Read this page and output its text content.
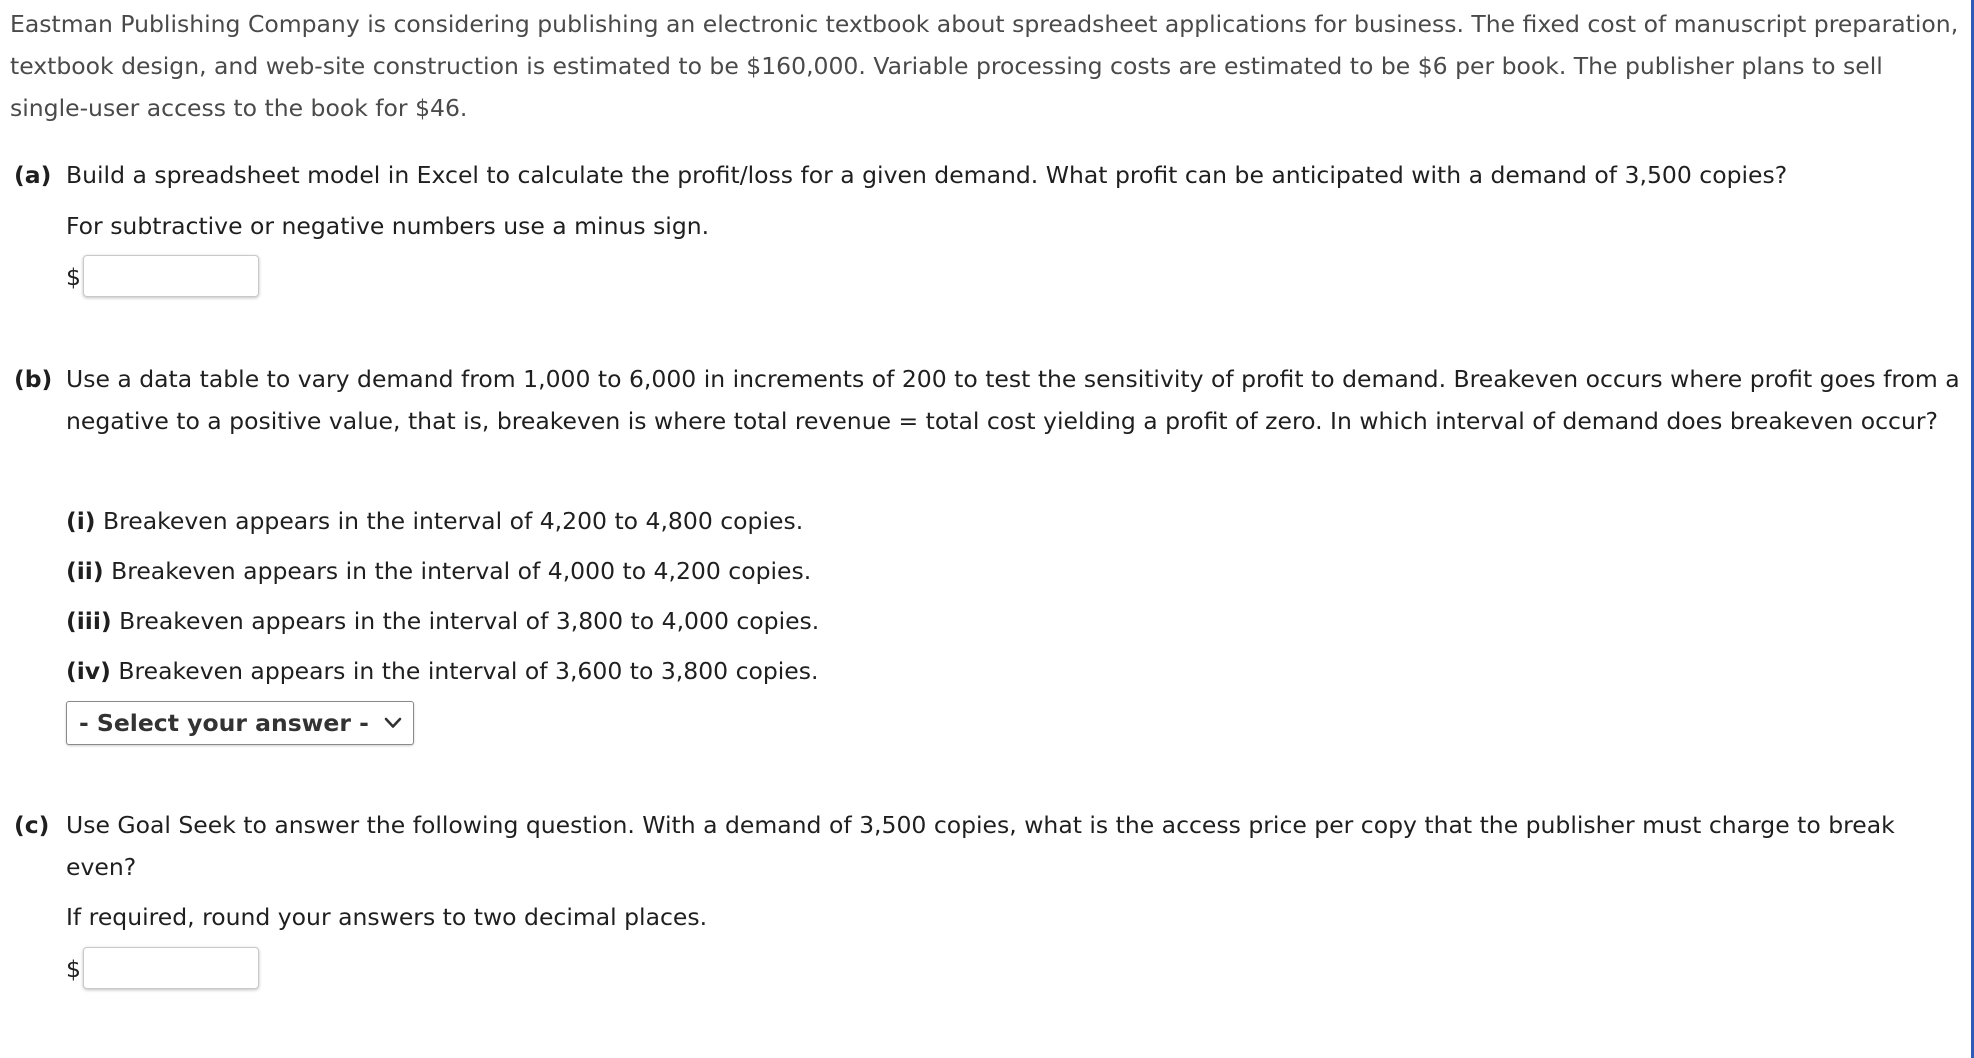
Eastman Publishing Company is considering publishing an electronic textbook about spreadsheet applications for business. The fixed cost of manuscript preparation, textbook design, and web-site construction is estimated to be $160,000. Variable processing costs are estimated to be $6 per book. The publisher plans to sell single-user access to the book for $46.
(a) Build a spreadsheet model in Excel to calculate the profit/loss for a given demand. What profit can be anticipated with a demand of 3,500 copies?
For subtractive or negative numbers use a minus sign.
$
(b) Use a data table to vary demand from 1,000 to 6,000 in increments of 200 to test the sensitivity of profit to demand. Breakeven occurs where profit goes from a negative to a positive value, that is, breakeven is where total revenue = total cost yielding a profit of zero. In which interval of demand does breakeven occur?
(i) Breakeven appears in the interval of 4,200 to 4,800 copies.
(ii) Breakeven appears in the interval of 4,000 to 4,200 copies.
(iii) Breakeven appears in the interval of 3,800 to 4,000 copies.
(iv) Breakeven appears in the interval of 3,600 to 3,800 copies.
- Select your answer -
(c) Use Goal Seek to answer the following question. With a demand of 3,500 copies, what is the access price per copy that the publisher must charge to break even?
If required, round your answers to two decimal places.
$
